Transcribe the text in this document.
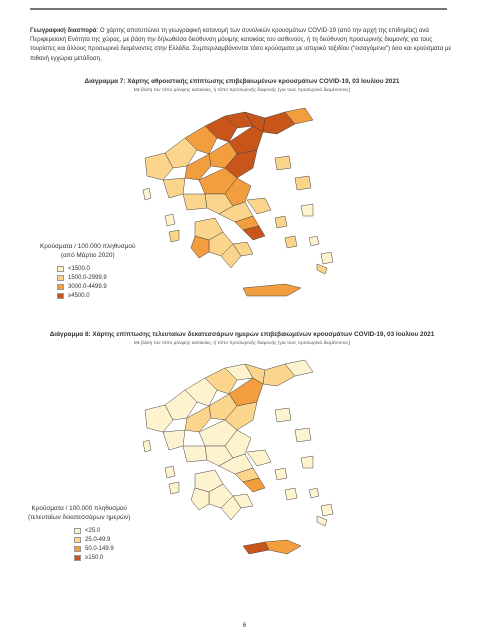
Γεωγραφική διασπορά: Ο χάρτης αποτυπώνει τη γεωγραφική κατανομή των συνολικών κρουσμάτων COVID-19 (από την αρχή της επιδημίας) ανά Περιφερειακή Ενότητα της χώρας, με βάση την δηλωθείσα διεύθυνση μόνιμης κατοικίας του ασθενούς, ή τη διεύθυνση προσωρινής διαμονής για τους τουρίστες και άλλους προσωρινά διαμένοντες στην Ελλάδα. Συμπεριλαμβάνονται τόσο κρούσματα με ιστορικό ταξιδίου ("εισαγόμενα") όσο και κρούσματα με πιθανή εγχώρια μετάδοση.
Διάγραμμα 7: Χάρτης αθροιστικής επίπτωσης επιβεβαιωμένων κρουσμάτων COVID-19, 03 Ιουλίου 2021
Με βάση τον τόπο μόνιμης κατοικίας, ή τόπο προσωρινής διαμονής (για τους προσωρινά διαμένοντες)
Κρούσματα / 100.000 πληθυσμού
(από Μάρτιο 2020)
<1500.0
1500.0-2999.9
3000.0-4499.9
≥4500.0
Διάγραμμα 8: Χάρτης επίπτωσης τελευταίων δεκατεσσάρων ημερών επιβεβαιωμένων κρουσμάτων COVID-19, 03 Ιουλίου 2021
Με βάση τον τόπο μόνιμης κατοικίας, ή τόπο προσωρινής διαμονής (για τους προσωρινά διαμένοντες)
Κρούσματα / 100.000 πληθυσμού
(τελευταίων δεκατεσσάρων ημερών)
<25.0
25.0-49.9
50.0-149.9
≥150.0
6
